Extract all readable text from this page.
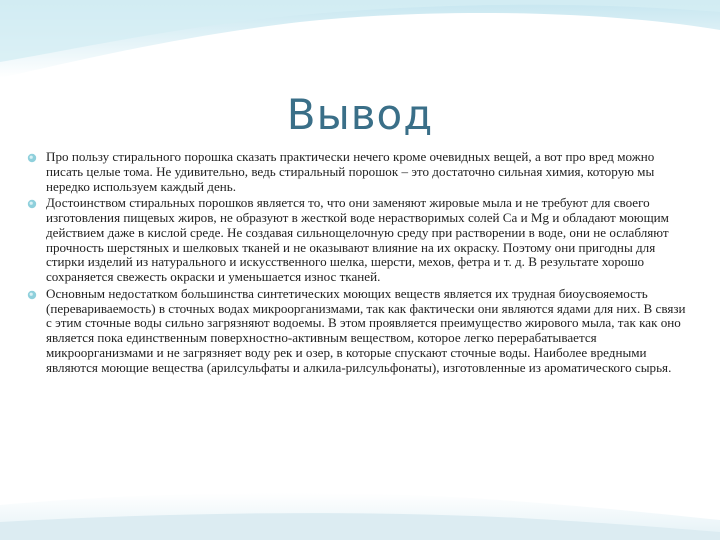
Вывод
Про пользу стирального порошка сказать практически нечего кроме очевидных вещей, а вот про вред можно писать целые тома. Не удивительно, ведь стиральный порошок – это достаточно сильная химия, которую мы нередко используем каждый день.
Достоинством стиральных порошков является то, что они заменяют жировые мыла и не требуют для своего изготовления пищевых жиров, не образуют в жесткой воде нерастворимых солей Са и Mg и обладают моющим действием даже в кислой среде. Не создавая сильнощелочную среду при растворении в воде, они не ослабляют прочность шерстяных и шелковых тканей и не оказывают влияние на их окраску. Поэтому они пригодны для стирки изделий из натурального и искусственного шелка, шерсти, мехов, фетра и т. д. В результате хорошо сохраняется свежесть окраски и уменьшается износ тканей.
Основным недостатком большинства синтетических моющих веществ является их трудная биоусвояемость (перевариваемость) в сточных водах микроорганизмами, так как фактически они являются ядами для них. В связи с этим сточные воды сильно загрязняют водоемы. В этом проявляется преимущество жирового мыла, так как оно является пока единственным поверхностно-активным веществом, которое легко перерабатывается микроорганизмами и не загрязняет воду рек и озер, в которые спускают сточные воды. Наиболее вредными являются моющие вещества (арилсульфаты и алкила-рилсульфонаты), изготовленные из ароматического сырья.
